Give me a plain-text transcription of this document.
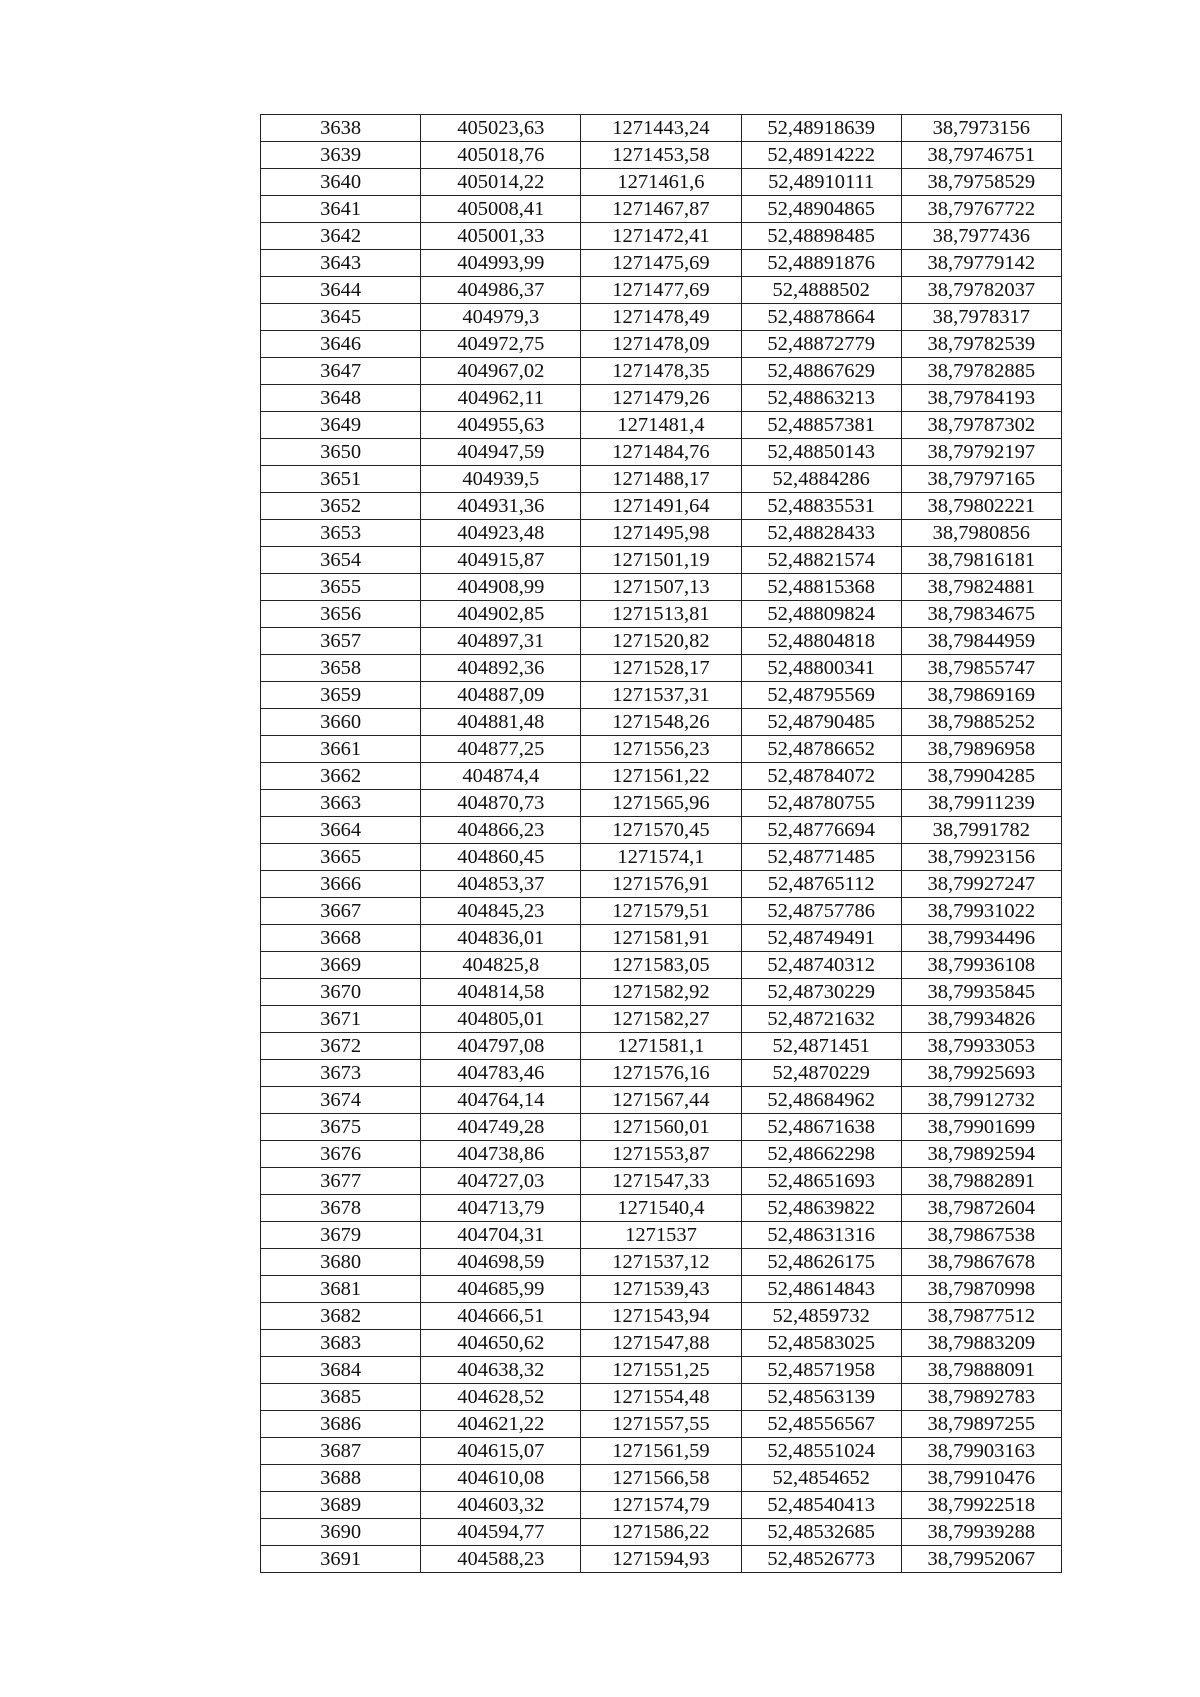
3638	405023,63	1271443,24	52,48918639	38,7973156
3639	405018,76	1271453,58	52,48914222	38,79746751
3640	405014,22	1271461,6	52,48910111	38,79758529
3641	405008,41	1271467,87	52,48904865	38,79767722
3642	405001,33	1271472,41	52,48898485	38,7977436
3643	404993,99	1271475,69	52,48891876	38,79779142
3644	404986,37	1271477,69	52,4888502	38,79782037
3645	404979,3	1271478,49	52,48878664	38,7978317
3646	404972,75	1271478,09	52,48872779	38,79782539
3647	404967,02	1271478,35	52,48867629	38,79782885
3648	404962,11	1271479,26	52,48863213	38,79784193
3649	404955,63	1271481,4	52,48857381	38,79787302
3650	404947,59	1271484,76	52,48850143	38,79792197
3651	404939,5	1271488,17	52,4884286	38,79797165
3652	404931,36	1271491,64	52,48835531	38,79802221
3653	404923,48	1271495,98	52,48828433	38,7980856
3654	404915,87	1271501,19	52,48821574	38,79816181
3655	404908,99	1271507,13	52,48815368	38,79824881
3656	404902,85	1271513,81	52,48809824	38,79834675
3657	404897,31	1271520,82	52,48804818	38,79844959
3658	404892,36	1271528,17	52,48800341	38,79855747
3659	404887,09	1271537,31	52,48795569	38,79869169
3660	404881,48	1271548,26	52,48790485	38,79885252
3661	404877,25	1271556,23	52,48786652	38,79896958
3662	404874,4	1271561,22	52,48784072	38,79904285
3663	404870,73	1271565,96	52,48780755	38,79911239
3664	404866,23	1271570,45	52,48776694	38,7991782
3665	404860,45	1271574,1	52,48771485	38,79923156
3666	404853,37	1271576,91	52,48765112	38,79927247
3667	404845,23	1271579,51	52,48757786	38,79931022
3668	404836,01	1271581,91	52,48749491	38,79934496
3669	404825,8	1271583,05	52,48740312	38,79936108
3670	404814,58	1271582,92	52,48730229	38,79935845
3671	404805,01	1271582,27	52,48721632	38,79934826
3672	404797,08	1271581,1	52,4871451	38,79933053
3673	404783,46	1271576,16	52,4870229	38,79925693
3674	404764,14	1271567,44	52,48684962	38,79912732
3675	404749,28	1271560,01	52,48671638	38,79901699
3676	404738,86	1271553,87	52,48662298	38,79892594
3677	404727,03	1271547,33	52,48651693	38,79882891
3678	404713,79	1271540,4	52,48639822	38,79872604
3679	404704,31	1271537	52,48631316	38,79867538
3680	404698,59	1271537,12	52,48626175	38,79867678
3681	404685,99	1271539,43	52,48614843	38,79870998
3682	404666,51	1271543,94	52,4859732	38,79877512
3683	404650,62	1271547,88	52,48583025	38,79883209
3684	404638,32	1271551,25	52,48571958	38,79888091
3685	404628,52	1271554,48	52,48563139	38,79892783
3686	404621,22	1271557,55	52,48556567	38,79897255
3687	404615,07	1271561,59	52,48551024	38,79903163
3688	404610,08	1271566,58	52,4854652	38,79910476
3689	404603,32	1271574,79	52,48540413	38,79922518
3690	404594,77	1271586,22	52,48532685	38,79939288
3691	404588,23	1271594,93	52,48526773	38,79952067
